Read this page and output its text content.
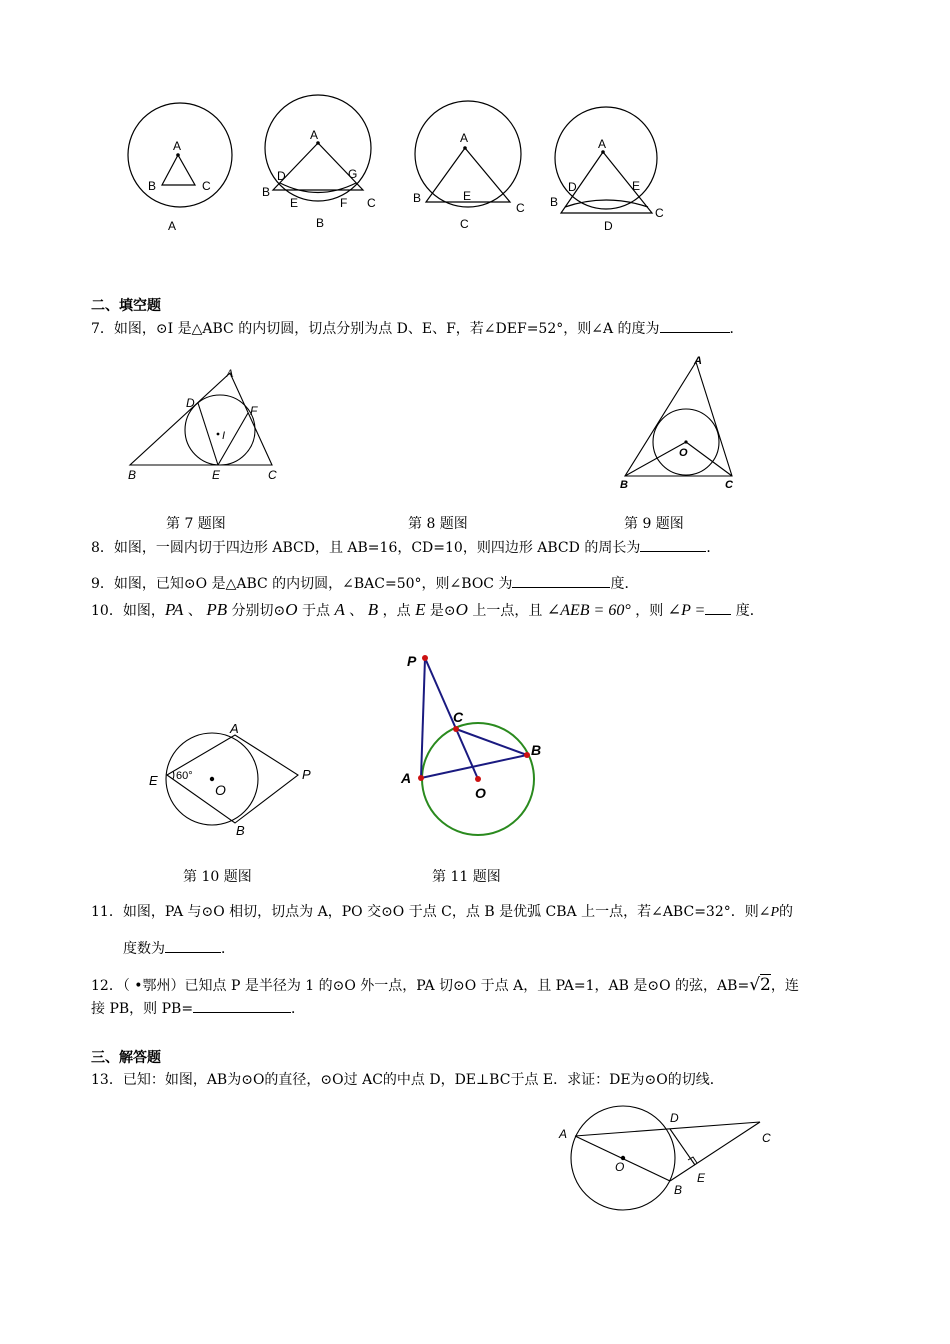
A
B	C
A
A
D	G
B
E	F C
B
A
B	E
C
C
A
D	E
B
C
D
二、填空题
7．如图，⊙I 是△ABC 的内切圆，切点分别为点 D、E、F，若∠DEF=52°，则∠A 的度为	．
A
D
F
I
B	E	C
A
O
B	C
第 7 题图	第 8 题图	第 9 题图
8．如图，一圆内切于四边形 ABCD，且 AB=16，CD=10，则四边形 ABCD 的周长为	．
9．如图，已知⊙O 是△ABC 的内切圆，∠BAC=50°，则∠BOC 为	度．
10．如图，PA 、 PB 分别切⊙O 于点 A 、 B ，点 E 是⊙O 上一点，且 ∠AEB = 60° ，则 ∠P = 度．
60°
A
E
O
P
B
P
C
B
A
O
第 10 题图	第 11 题图
11．如图，PA 与⊙O 相切，切点为 A，PO 交⊙O 于点 C，点 B 是优弧 CBA 上一点，若∠ABC=32°．则∠P的
度数为	．
12．（ •鄂州）已知点 P 是半径为 1 的⊙O 外一点，PA 切⊙O 于点 A，且 PA=1，AB 是⊙O 的弦，AB=√2，连
接 PB，则 PB=	．
三、解答题
13．已知：如图，AB为⊙O的直径，⊙O过 AC的中点 D，DE⊥BC于点 E．求证：DE为⊙O的切线．
A
D
C
O
E
B
